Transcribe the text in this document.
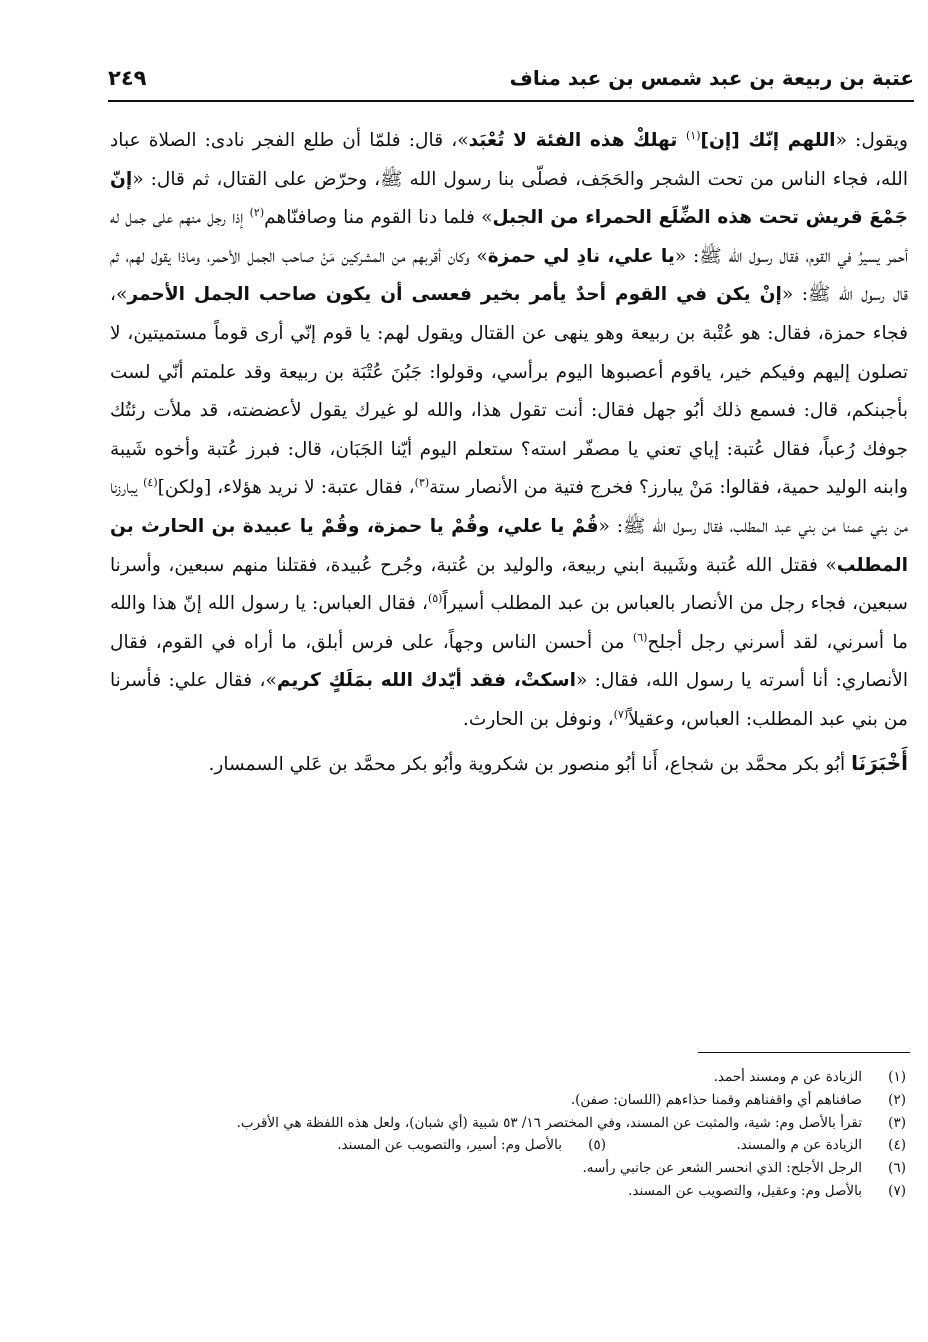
عتبة بن ربيعة بن عبد شمس بن عبد مناف
٢٤٩

ويقول: «اللهم إنّك [إن]$^{(١)}$ تهلكْ هذه الفئة لا تُعْبَد»، قال: فلمّا أن طلع الفجر نادى: الصلاة عباد الله، فجاء الناس من تحت الشجر والحَجَف، فصلّى بنا رسول الله ﷺ، وحرّض على القتال، ثم قال: «إنّ جَمْعَ قريش تحت هذه الضِّلَع الحمراء من الجبل» فلما دنا القوم منا وصافنّاهم$^{(٢)}$ إذا رجل منهم على جمل له أحمر يسيرُ في القوم، فقال رسول الله ﷺ: «يا علي، نادِ لي حمزة» وكان أقربهم من المشركين مَنْ صاحب الجمل الأحمر، وماذا يقول لهم، ثم قال رسول الله ﷺ: «إنْ يكن في القوم أحدٌ يأمر بخير فعسى أن يكون صاحب الجمل الأحمر»، فجاء حمزة، فقال: هو عُتْبة بن ربيعة وهو ينهى عن القتال ويقول لهم: يا قوم إنّي أرى قوماً مستميتين، لا تصلون إليهم وفيكم خير، ياقوم أعصبوها اليوم برأسي، وقولوا: جَبُنَ عُتْبَة بن ربيعة وقد علمتم أنّي لست بأجبنكم، قال: فسمع ذلك أبُو جهل فقال: أنت تقول هذا، والله لو غيرك يقول لأعضضته، قد ملأت رئتُك جوفك رُعباً، فقال عُتبة: إياي تعني يا مصفّر استه؟ ستعلم اليوم أيّنا الجَبَان، قال: فبرز عُتبة وأخوه شَيبة وابنه الوليد حمية، فقالوا: مَنْ يبارز؟ فخرج فتية من الأنصار ستة$^{(٣)}$، فقال عتبة: لا نريد هؤلاء، [ولكن]$^{(٤)}$ يبارزنا من بني عمنا من بني عبد المطلب، فقال رسول الله ﷺ: «قُمْ يا علي، وقُمْ يا حمزة، وقُمْ يا عبيدة بن الحارث بن المطلب» فقتل الله عُتبة وشَيبة ابني ربيعة، والوليد بن عُتبة، وجُرح عُبيدة، فقتلنا منهم سبعين، وأسرنا سبعين، فجاء رجل من الأنصار بالعباس بن عبد المطلب أسيراً$^{(٥)}$، فقال العباس: يا رسول الله إنّ هذا والله ما أسرني، لقد أسرني رجل أجلح$^{(٦)}$ من أحسن الناس وجهاً، على فرس أبلق، ما أراه في القوم، فقال الأنصاري: أنا أسرته يا رسول الله، فقال: «اسكتْ، فقد أيّدك الله بمَلَكٍ كريم»، فقال علي: فأسرنا من بني عبد المطلب: العباس، وعقيلاً$^{(٧)}$، ونوفل بن الحارث.

أَخْبَرَنَا أبُو بكر محمَّد بن شجاع، أَنا أبُو منصور بن شكروية وأبُو بكر محمَّد بن عَلي السمسار.

(١)
الزيادة عن م ومسند أحمد.
(٢)
صافناهم أي واقفناهم وقمنا حذاءهم (اللسان: صفن).
(٣)
تقرأ بالأصل وم: شية، والمثبت عن المسند، وفي المختصر ١٦/ ٥٣ شبية (أي شبان)، ولعل هذه اللفظة هي الأقرب.
(٤)
الزيادة عن م والمسند.
(٥)
بالأصل وم: أسير، والتصويب عن المسند.
(٦)
الرجل الأجلح: الذي انحسر الشعر عن جانبي رأسه.
(٧)
بالأصل وم: وعقيل، والتصويب عن المسند.
